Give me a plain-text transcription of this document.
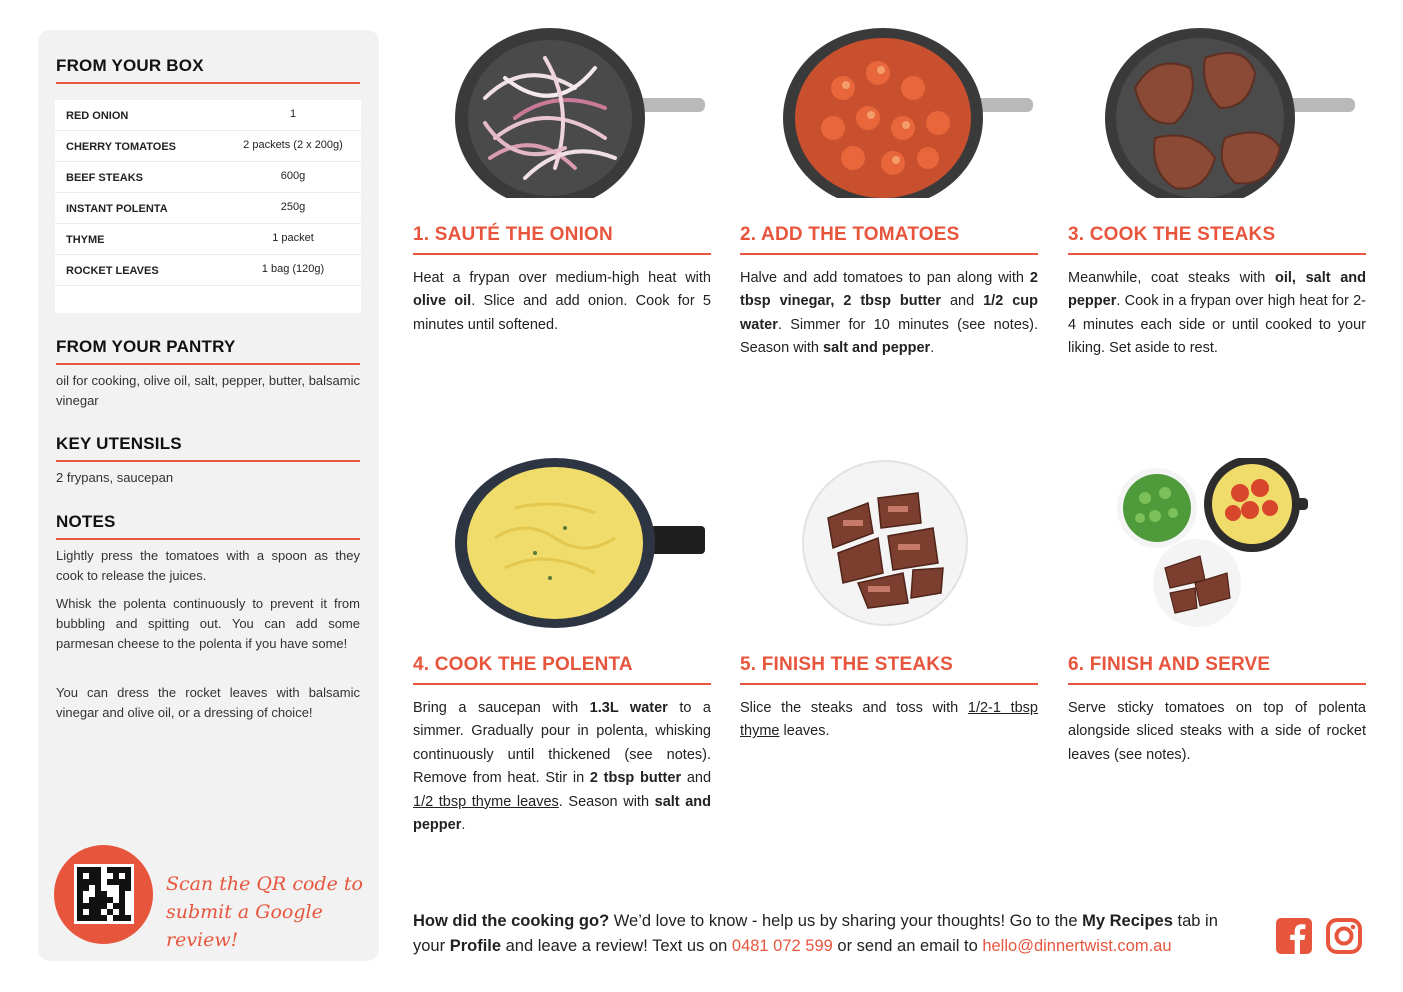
FROM YOUR BOX
RED ONION	1
CHERRY TOMATOES	2 packets (2 x 200g)
BEEF STEAKS	600g
INSTANT POLENTA	250g
THYME	1 packet
ROCKET LEAVES	1 bag (120g)
FROM YOUR PANTRY
oil for cooking, olive oil, salt, pepper, butter, balsamic vinegar
KEY UTENSILS
2 frypans, saucepan
NOTES
Lightly press the tomatoes with a spoon as they cook to release the juices.
Whisk the polenta continuously to prevent it from bubbling and spitting out. You can add some parmesan cheese to the polenta if you have some!
You can dress the rocket leaves with balsamic vinegar and olive oil, or a dressing of choice!
Scan the QR code to
submit a Google review!
1. SAUTÉ THE ONION
Heat a frypan over medium-high heat with olive oil. Slice and add onion. Cook for 5 minutes until softened.
2. ADD THE TOMATOES
Halve and add tomatoes to pan along with 2 tbsp vinegar, 2 tbsp butter and 1/2 cup water. Simmer for 10 minutes (see notes). Season with salt and pepper.
3. COOK THE STEAKS
Meanwhile, coat steaks with oil, salt and pepper. Cook in a frypan over high heat for 2-4 minutes each side or until cooked to your liking. Set aside to rest.
4. COOK THE POLENTA
Bring a saucepan with 1.3L water to a simmer. Gradually pour in polenta, whisking continuously until thickened (see notes). Remove from heat. Stir in 2 tbsp butter and 1/2 tbsp thyme leaves. Season with salt and pepper.
5. FINISH THE STEAKS
Slice the steaks and toss with 1/2-1 tbsp thyme leaves.
6. FINISH AND SERVE
Serve sticky tomatoes on top of polenta alongside sliced steaks with a side of rocket leaves (see notes).
How did the cooking go? We’d love to know - help us by sharing your thoughts! Go to the My Recipes tab in your Profile and leave a review! Text us on 0481 072 599 or send an email to hello@dinnertwist.com.au
